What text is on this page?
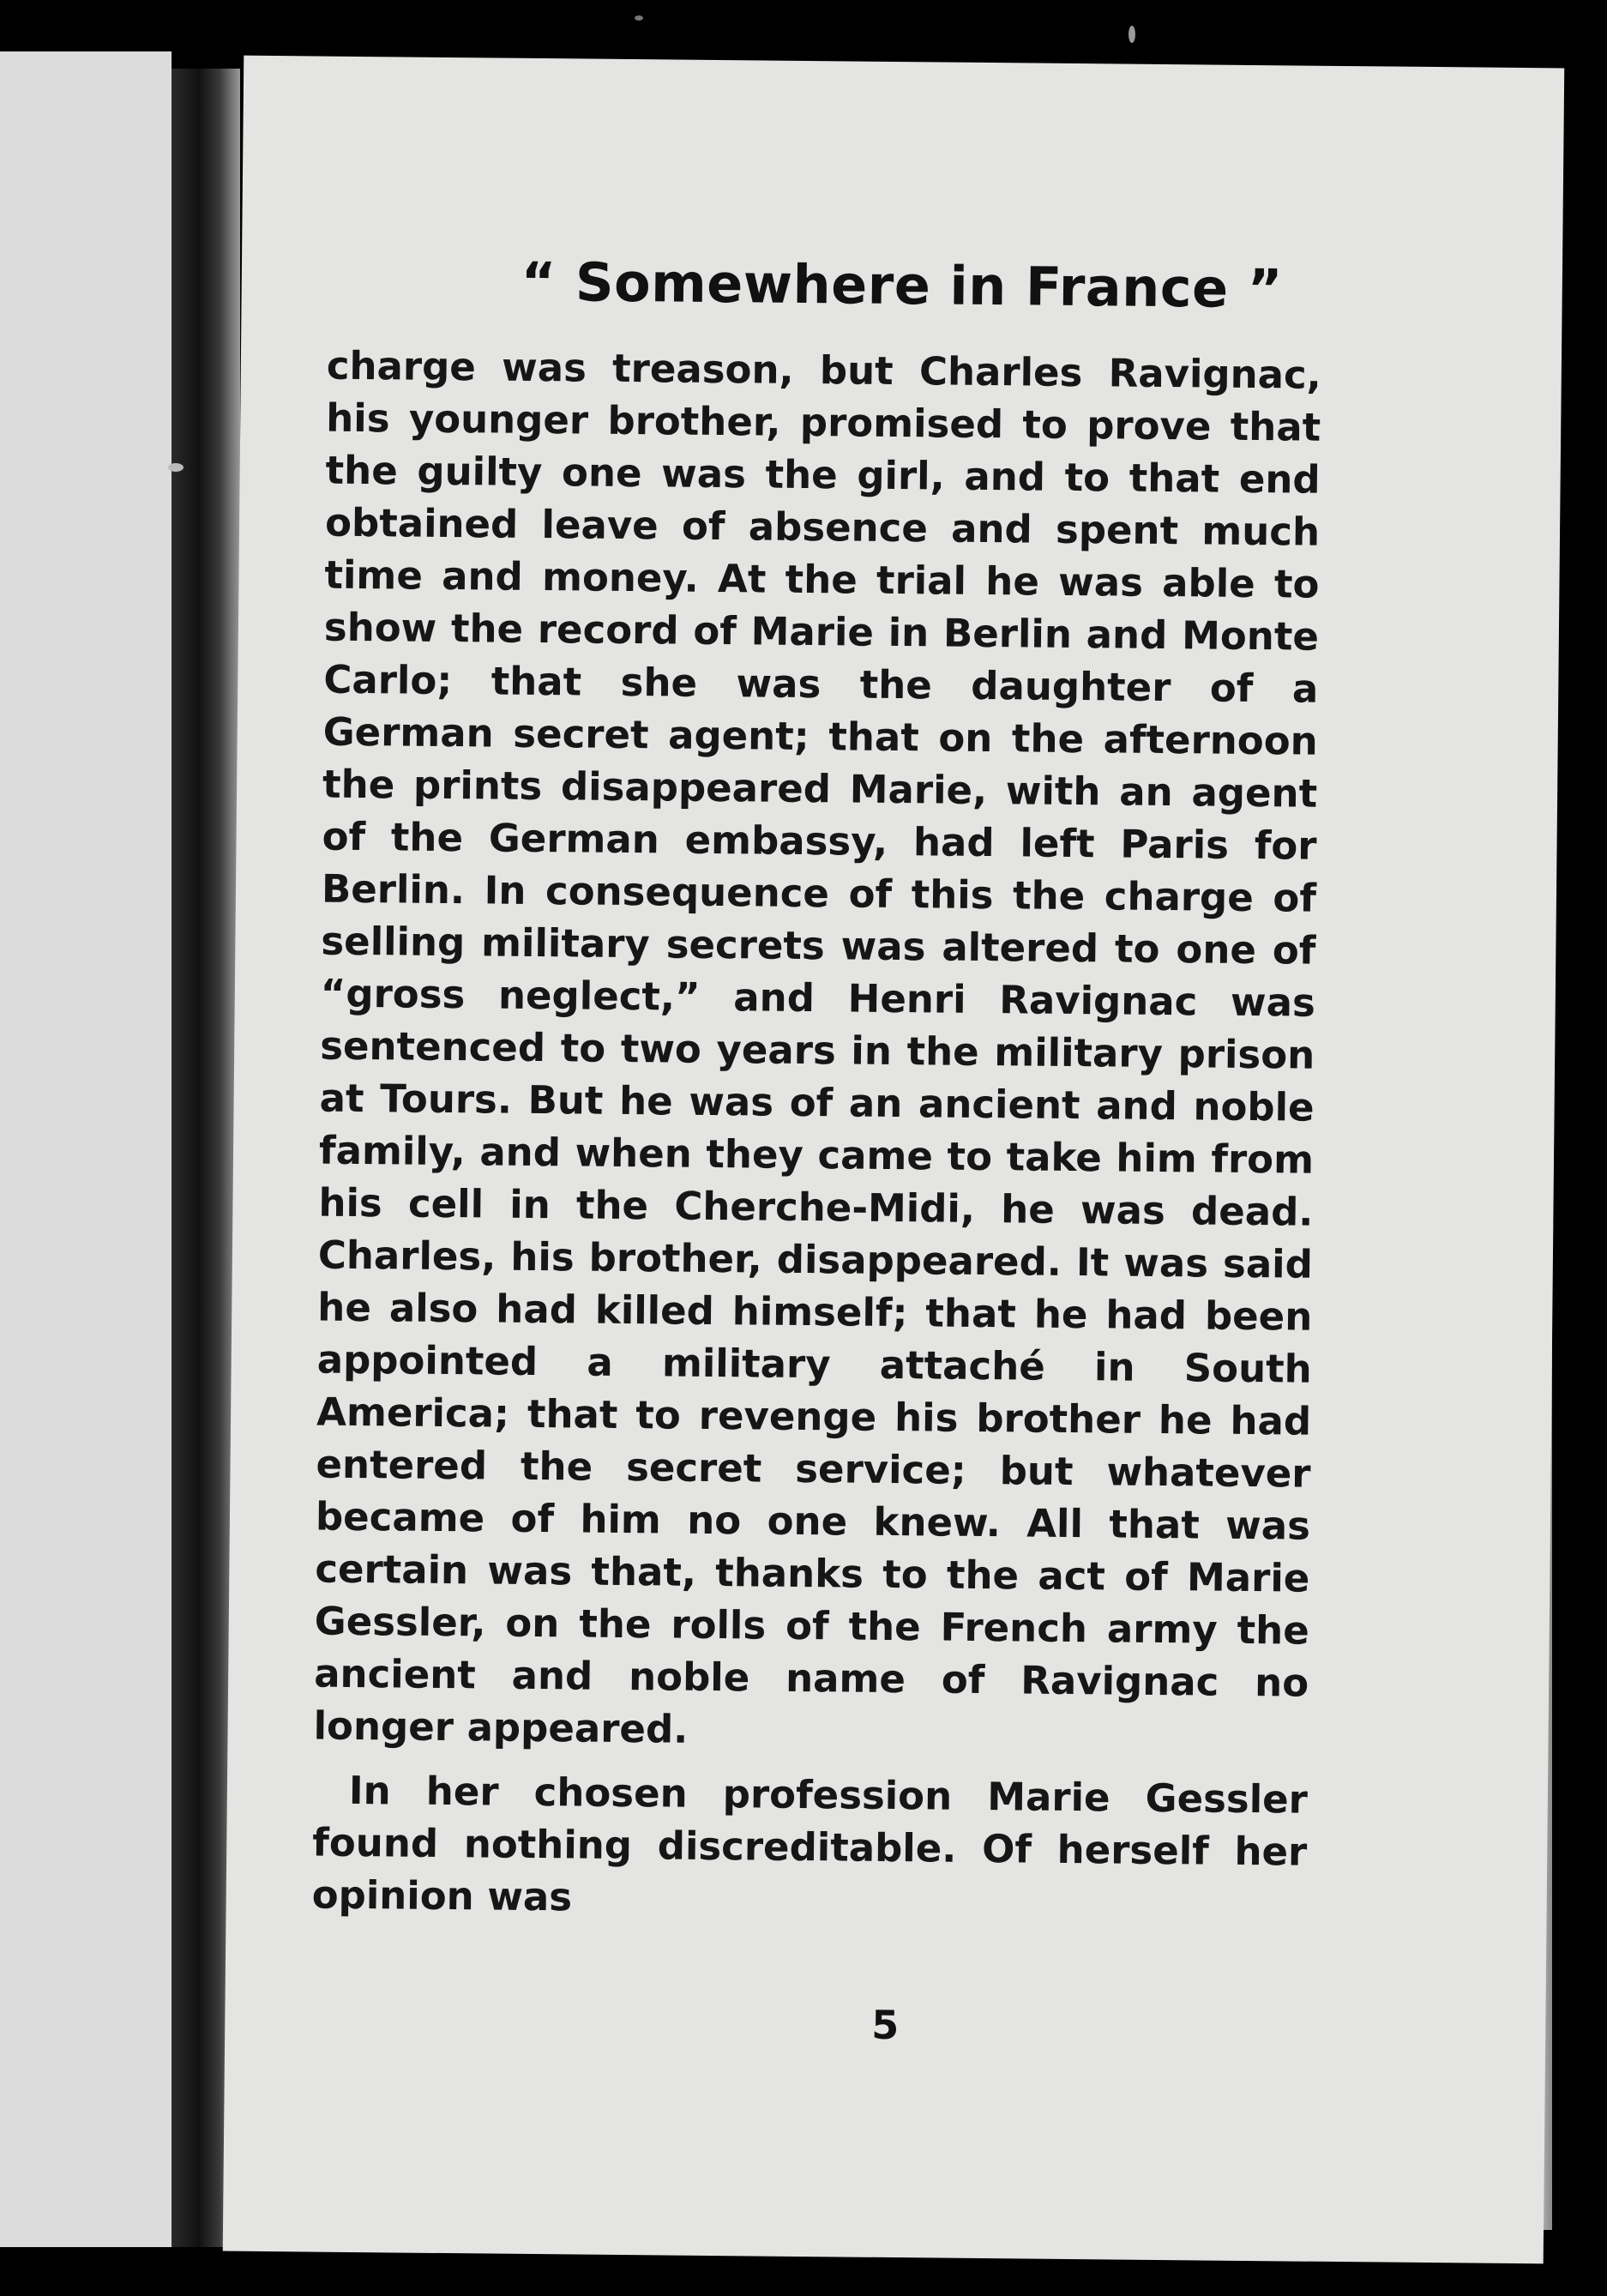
“ Somewhere in France ”

charge was treason, but Charles Ravignac, his younger brother, promised to prove that the guilty one was the girl, and to that end obtained leave of absence and spent much time and money. At the trial he was able to show the record of Marie in Berlin and Monte Carlo; that she was the daughter of a German secret agent; that on the afternoon the prints disappeared Marie, with an agent of the German embassy, had left Paris for Berlin. In consequence of this the charge of selling military secrets was altered to one of “gross neglect,” and Henri Ravignac was sentenced to two years in the military prison at Tours. But he was of an ancient and noble family, and when they came to take him from his cell in the Cherche-Midi, he was dead. Charles, his brother, disappeared. It was said he also had killed himself; that he had been appointed a military attaché in South America; that to revenge his brother he had entered the secret service; but whatever became of him no one knew. All that was certain was that, thanks to the act of Marie Gessler, on the rolls of the French army the ancient and noble name of Ravignac no longer appeared.

In her chosen profession Marie Gessler found nothing discreditable. Of herself her opinion was

5
